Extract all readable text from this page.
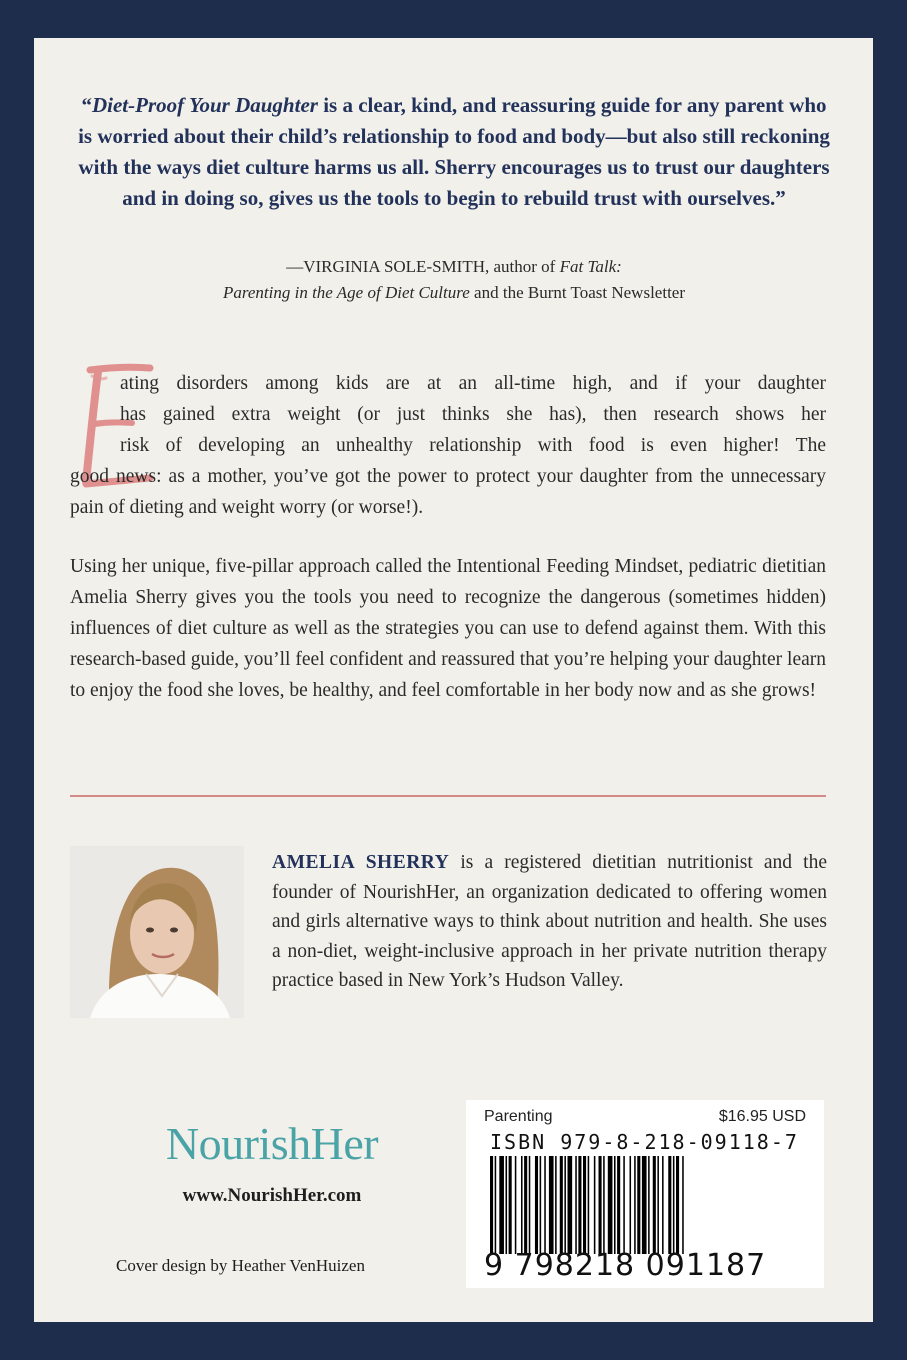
“Diet-Proof Your Daughter is a clear, kind, and reassuring guide for any parent who is worried about their child’s relationship to food and body—but also still reckoning with the ways diet culture harms us all. Sherry encourages us to trust our daughters and in doing so, gives us the tools to begin to rebuild trust with ourselves.”

—VIRGINIA SOLE-SMITH, author of Fat Talk:
Parenting in the Age of Diet Culture and the Burnt Toast Newsletter

E

ating disorders among kids are at an all-time high, and if your daughter

has gained extra weight (or just thinks she has), then research shows her

risk of developing an unhealthy relationship with food is even higher! The

good news: as a mother, you’ve got the power to protect your daughter from the unnecessary pain of dieting and weight worry (or worse!).

Using her unique, five-pillar approach called the Intentional Feeding Mindset, pediatric dietitian Amelia Sherry gives you the tools you need to recognize the dangerous (sometimes hidden) influences of diet culture as well as the strategies you can use to defend against them. With this research-based guide, you’ll feel confident and reassured that you’re helping your daughter learn to enjoy the food she loves, be healthy, and feel comfortable in her body now and as she grows!

AMELIA SHERRY is a registered dietitian nutritionist and the founder of NourishHer, an organization dedicated to offering women and girls alternative ways to think about nutrition and health. She uses a non-diet, weight-inclusive approach in her private nutrition therapy practice based in New York’s Hudson Valley.

NourishHer

www.NourishHer.com

Cover design by Heather VenHuizen

Parenting	$16.95 USD
ISBN 979-8-218-09118-7
9 798218 091187
